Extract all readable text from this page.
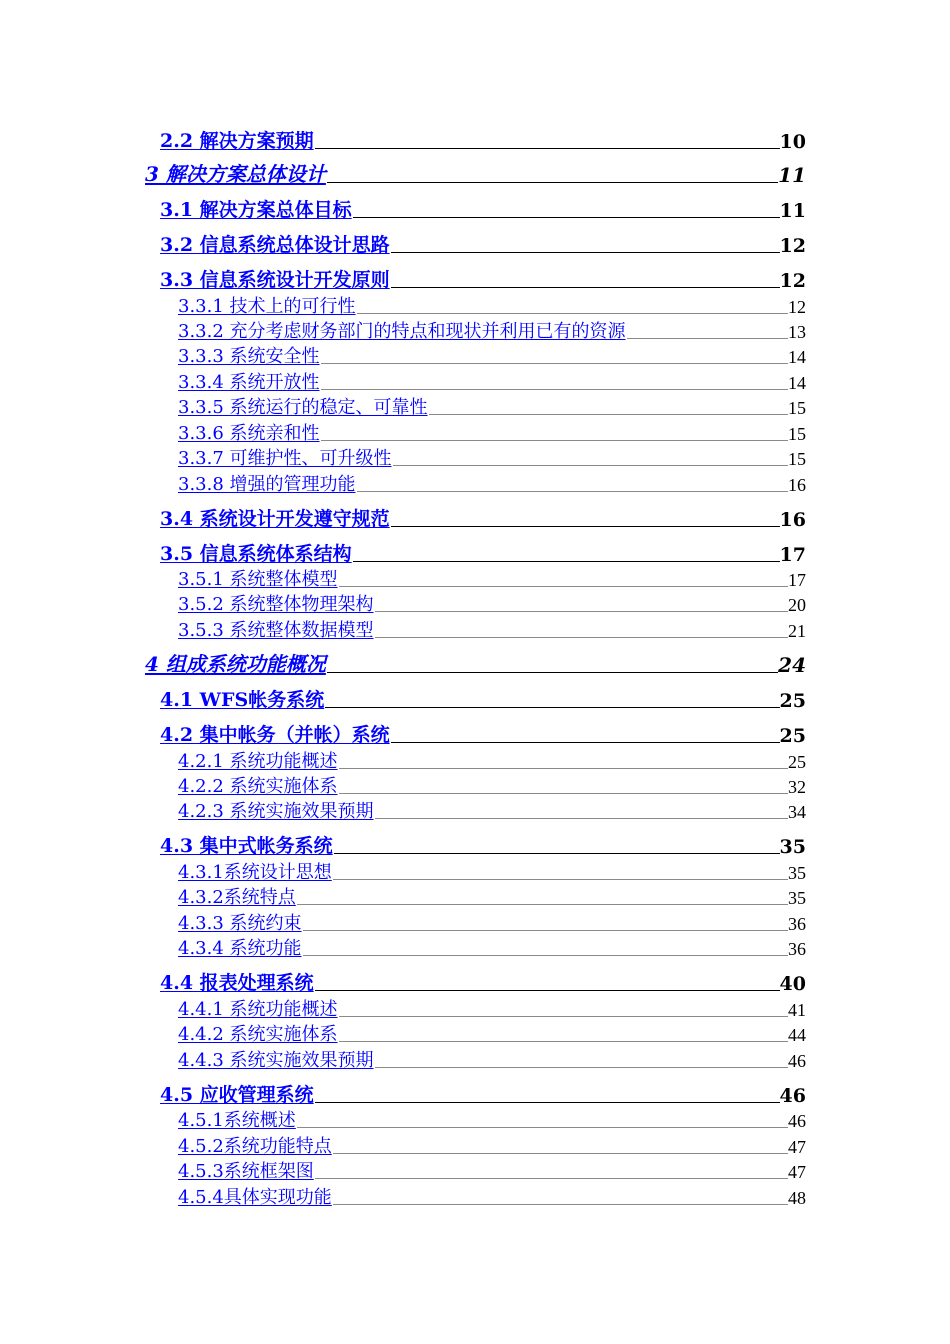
2.2 解决方案预期	10
3 解决方案总体设计	11
3.1 解决方案总体目标	11
3.2 信息系统总体设计思路	12
3.3 信息系统设计开发原则	12
3.3.1 技术上的可行性	12
3.3.2 充分考虑财务部门的特点和现状并利用已有的资源	13
3.3.3 系统安全性	14
3.3.4 系统开放性	14
3.3.5 系统运行的稳定、可靠性	15
3.3.6 系统亲和性	15
3.3.7 可维护性、可升级性	15
3.3.8 增强的管理功能	16
3.4 系统设计开发遵守规范	16
3.5 信息系统体系结构	17
3.5.1 系统整体模型	17
3.5.2 系统整体物理架构	20
3.5.3 系统整体数据模型	21
4 组成系统功能概况	24
4.1 WFS帐务系统	25
4.2 集中帐务（并帐）系统	25
4.2.1 系统功能概述	25
4.2.2 系统实施体系	32
4.2.3 系统实施效果预期	34
4.3 集中式帐务系统	35
4.3.1系统设计思想	35
4.3.2系统特点	35
4.3.3 系统约束	36
4.3.4 系统功能	36
4.4 报表处理系统	40
4.4.1 系统功能概述	41
4.4.2 系统实施体系	44
4.4.3 系统实施效果预期	46
4.5 应收管理系统	46
4.5.1系统概述	46
4.5.2系统功能特点	47
4.5.3系统框架图	47
4.5.4具体实现功能	48
